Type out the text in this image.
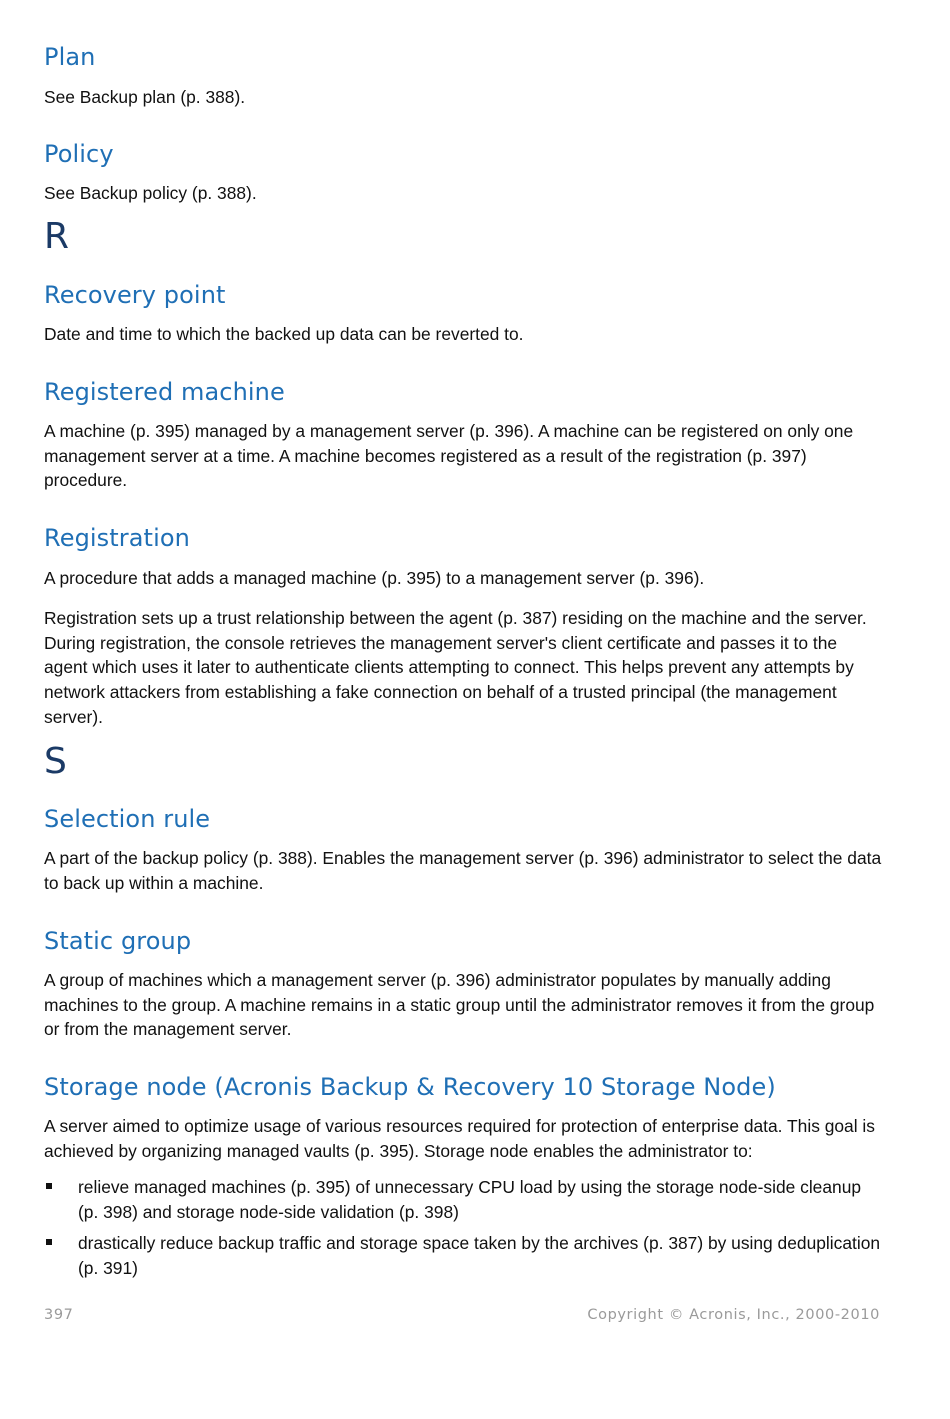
Plan

See Backup plan (p. 388).

Policy

See Backup policy (p. 388).

R
Recovery point

Date and time to which the backed up data can be reverted to.

Registered machine

A machine (p. 395) managed by a management server (p. 396). A machine can be registered on only one management server at a time. A machine becomes registered as a result of the registration (p. 397) procedure.

Registration

A procedure that adds a managed machine (p. 395) to a management server (p. 396).

Registration sets up a trust relationship between the agent (p. 387) residing on the machine and the server. During registration, the console retrieves the management server's client certificate and passes it to the agent which uses it later to authenticate clients attempting to connect. This helps prevent any attempts by network attackers from establishing a fake connection on behalf of a trusted principal (the management server).

S
Selection rule

A part of the backup policy (p. 388). Enables the management server (p. 396) administrator to select the data to back up within a machine.

Static group

A group of machines which a management server (p. 396) administrator populates by manually adding machines to the group. A machine remains in a static group until the administrator removes it from the group or from the management server.

Storage node (Acronis Backup & Recovery 10 Storage Node)

A server aimed to optimize usage of various resources required for protection of enterprise data. This goal is achieved by organizing managed vaults (p. 395). Storage node enables the administrator to:

relieve managed machines (p. 395) of unnecessary CPU load by using the storage node-side cleanup (p. 398) and storage node-side validation (p. 398)
drastically reduce backup traffic and storage space taken by the archives (p. 387) by using deduplication (p. 391)
397	Copyright © Acronis, Inc., 2000-2010
